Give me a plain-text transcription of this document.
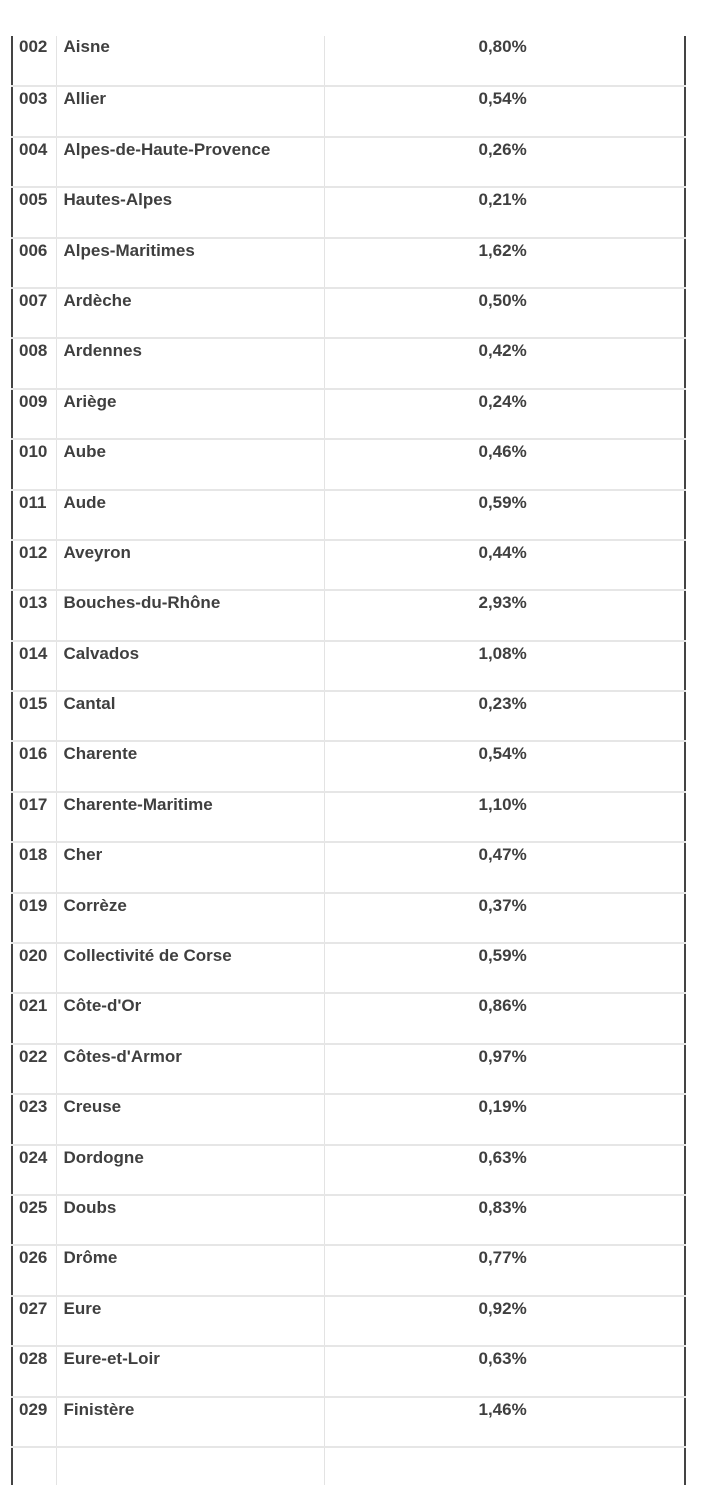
002	Aisne	0,80%

003	Allier	0,54%

004	Alpes-de-Haute-Provence	0,26%

005	Hautes-Alpes	0,21%

006	Alpes-Maritimes	1,62%

007	Ardèche	0,50%

008	Ardennes	0,42%

009	Ariège	0,24%

010	Aube	0,46%

011	Aude	0,59%

012	Aveyron	0,44%

013	Bouches-du-Rhône	2,93%

014	Calvados	1,08%

015	Cantal	0,23%

016	Charente	0,54%

017	Charente-Maritime	1,10%

018	Cher	0,47%

019	Corrèze	0,37%

020	Collectivité de Corse	0,59%

021	Côte-d'Or	0,86%

022	Côtes-d'Armor	0,97%

023	Creuse	0,19%

024	Dordogne	0,63%

025	Doubs	0,83%

026	Drôme	0,77%

027	Eure	0,92%

028	Eure-et-Loir	0,63%

029	Finistère	1,46%
